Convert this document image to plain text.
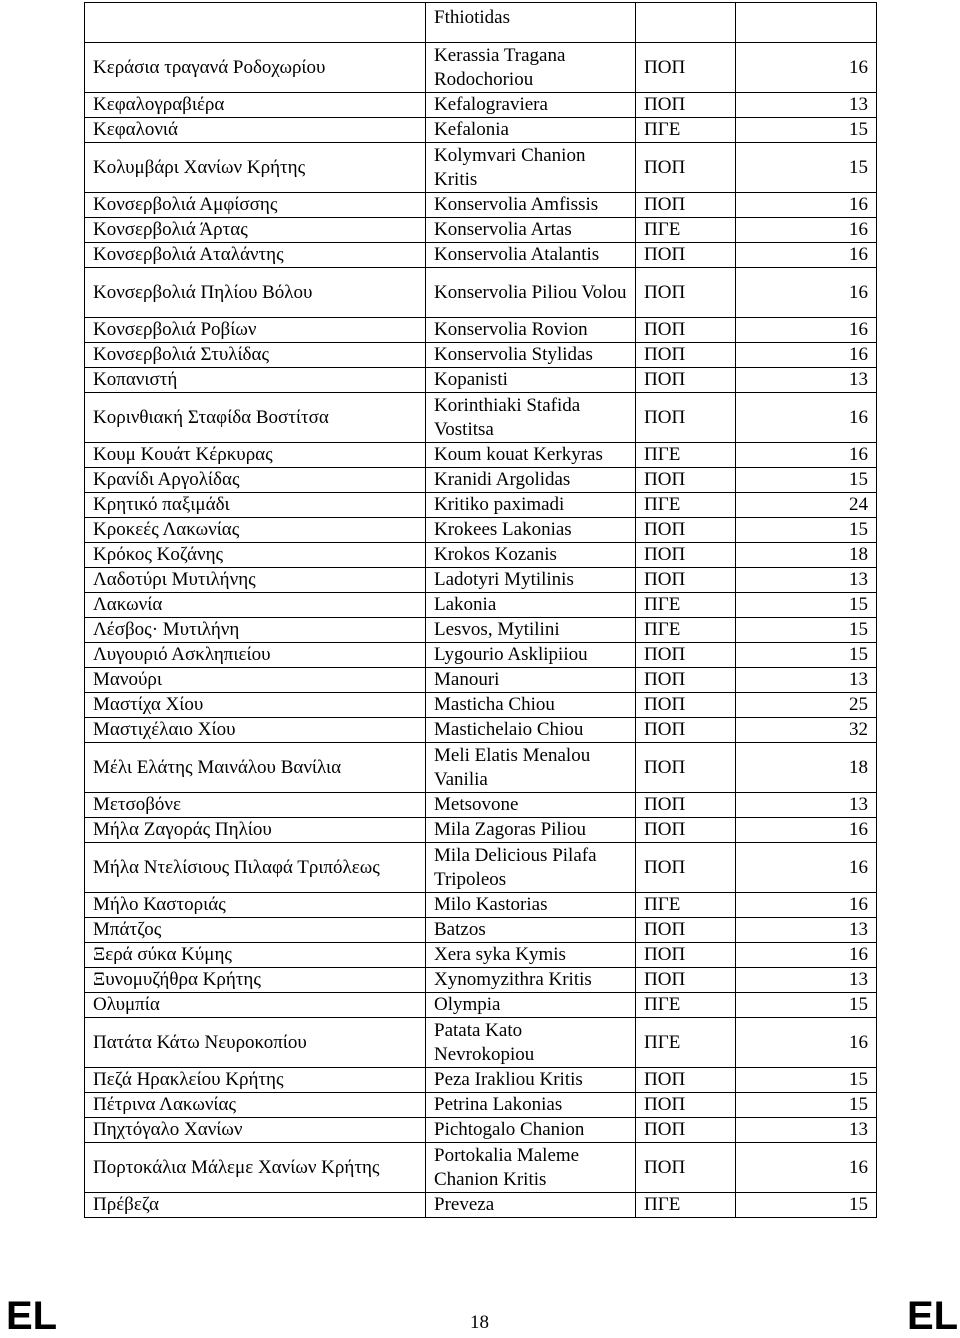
	Fthiotidas		
Κεράσια τραγανά Ροδοχωρίου	Kerassia Tragana Rodochoriou	ΠΟΠ	16
Κεφαλογραβιέρα	Kefalograviera	ΠΟΠ	13
Κεφαλονιά	Kefalonia	ΠΓΕ	15
Κολυμβάρι Χανίων Κρήτης	Kolymvari Chanion Kritis	ΠΟΠ	15
Κονσερβολιά Αμφίσσης	Konservolia Amfissis	ΠΟΠ	16
Κονσερβολιά Άρτας	Konservolia Artas	ΠΓΕ	16
Κονσερβολιά Αταλάντης	Konservolia Atalantis	ΠΟΠ	16
Κονσερβολιά Πηλίου Βόλου	Konservolia Piliou Volou	ΠΟΠ	16
Κονσερβολιά Ροβίων	Konservolia Rovion	ΠΟΠ	16
Κονσερβολιά Στυλίδας	Konservolia Stylidas	ΠΟΠ	16
Κοπανιστή	Kopanisti	ΠΟΠ	13
Κορινθιακή Σταφίδα Βοστίτσα	Korinthiaki Stafida Vostitsa	ΠΟΠ	16
Κουμ Κουάτ Κέρκυρας	Koum kouat Kerkyras	ΠΓΕ	16
Κρανίδι Αργολίδας	Kranidi Argolidas	ΠΟΠ	15
Κρητικό παξιμάδι	Kritiko paximadi	ΠΓΕ	24
Κροκεές Λακωνίας	Krokees Lakonias	ΠΟΠ	15
Κρόκος Κοζάνης	Krokos Kozanis	ΠΟΠ	18
Λαδοτύρι Μυτιλήνης	Ladotyri Mytilinis	ΠΟΠ	13
Λακωνία	Lakonia	ΠΓΕ	15
Λέσβος· Μυτιλήνη	Lesvos, Mytilini	ΠΓΕ	15
Λυγουριό Ασκληπιείου	Lygourio Asklipiiou	ΠΟΠ	15
Μανούρι	Manouri	ΠΟΠ	13
Μαστίχα Χίου	Masticha Chiou	ΠΟΠ	25
Μαστιχέλαιο Χίου	Mastichelaio Chiou	ΠΟΠ	32
Μέλι Ελάτης Μαινάλου Βανίλια	Meli Elatis Menalou Vanilia	ΠΟΠ	18
Μετσοβόνε	Metsovone	ΠΟΠ	13
Μήλα Ζαγοράς Πηλίου	Mila Zagoras Piliou	ΠΟΠ	16
Μήλα Ντελίσιους Πιλαφά Τριπόλεως	Mila Delicious Pilafa Tripoleos	ΠΟΠ	16
Μήλο Καστοριάς	Milo Kastorias	ΠΓΕ	16
Μπάτζος	Batzos	ΠΟΠ	13
Ξερά σύκα Κύμης	Xera syka Kymis	ΠΟΠ	16
Ξυνομυζήθρα Κρήτης	Xynomyzithra Kritis	ΠΟΠ	13
Ολυμπία	Olympia	ΠΓΕ	15
Πατάτα Κάτω Νευροκοπίου	Patata Kato Nevrokopiou	ΠΓΕ	16
Πεζά Ηρακλείου Κρήτης	Peza Irakliou Kritis	ΠΟΠ	15
Πέτρινα Λακωνίας	Petrina Lakonias	ΠΟΠ	15
Πηχτόγαλο Χανίων	Pichtogalo Chanion	ΠΟΠ	13
Πορτοκάλια Μάλεμε Χανίων Κρήτης	Portokalia Maleme Chanion Kritis	ΠΟΠ	16
Πρέβεζα	Preveza	ΠΓΕ	15
EL	18	EL
